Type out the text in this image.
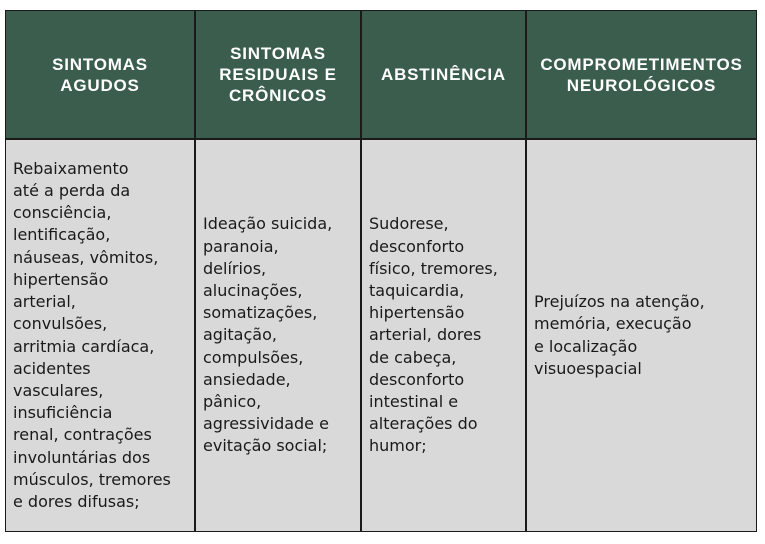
SINTOMAS
AGUDOS
SINTOMAS
RESIDUAIS E
CRÔNICOS
ABSTINÊNCIA
COMPROMETIMENTOS
NEUROLÓGICOS
Rebaixamento
até a perda da
consciência,
lentificação,
náuseas, vômitos,
hipertensão
arterial,
convulsões,
arritmia cardíaca,
acidentes
vasculares,
insuficiência
renal, contrações
involuntárias dos
músculos, tremores
e dores difusas;
Ideação suicida,
paranoia,
delírios,
alucinações,
somatizações,
agitação,
compulsões,
ansiedade,
pânico,
agressividade e
evitação social;
Sudorese,
desconforto
físico, tremores,
taquicardia,
hipertensão
arterial, dores
de cabeça,
desconforto
intestinal e
alterações do
humor;
Prejuízos na atenção,
memória, execução
e localização
visuoespacial
